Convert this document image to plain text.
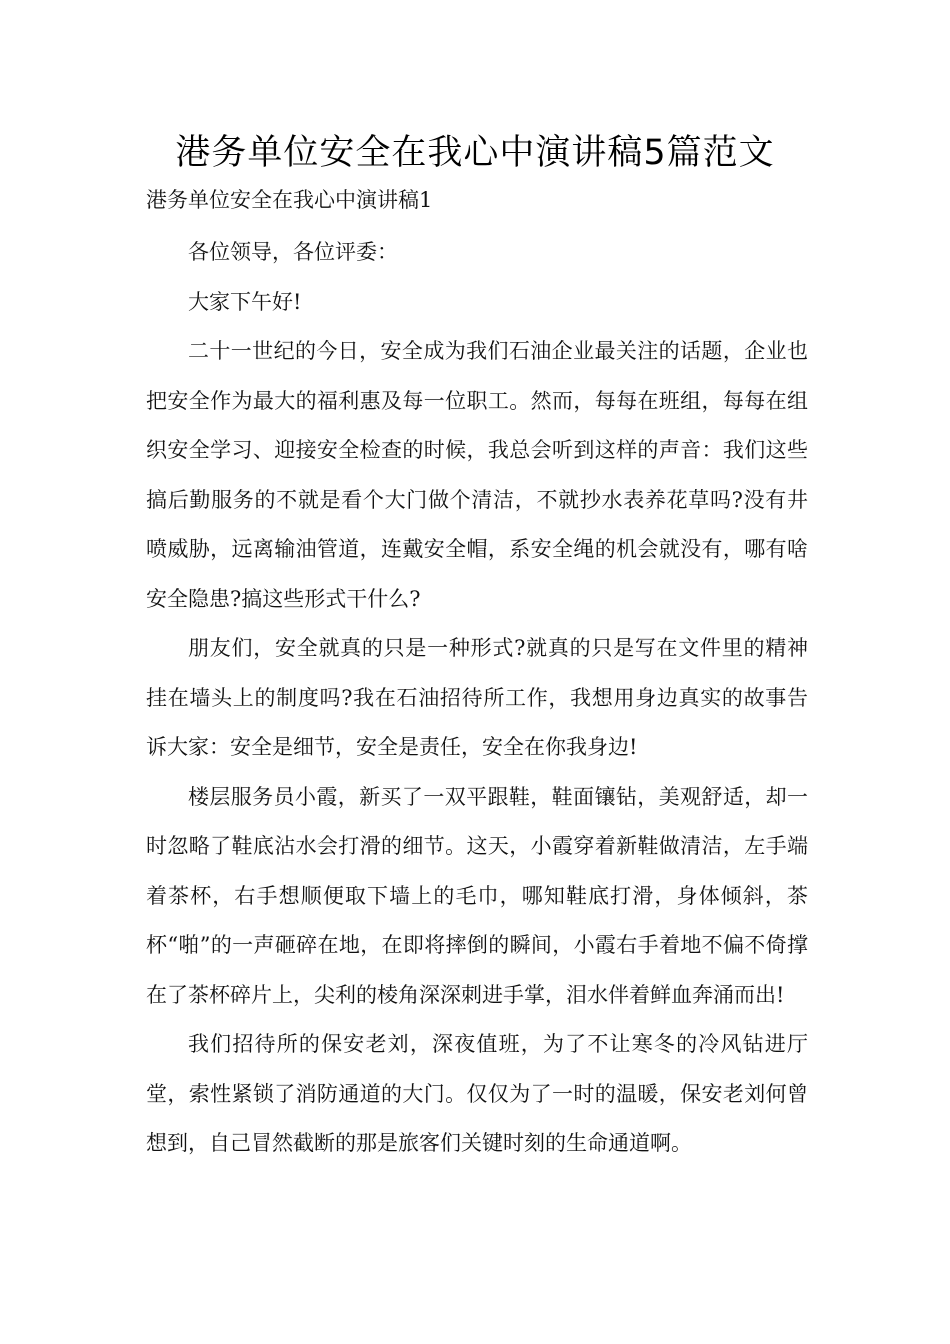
港务单位安全在我心中演讲稿5篇范文
港务单位安全在我心中演讲稿1

各位领导，各位评委：

大家下午好!

二十一世纪的今日，安全成为我们石油企业最关注的话题，企业也把安全作为最大的福利惠及每一位职工。然而，每每在班组，每每在组织安全学习、迎接安全检查的时候，我总会听到这样的声音：我们这些搞后勤服务的不就是看个大门做个清洁，不就抄水表养花草吗?没有井喷威胁，远离输油管道，连戴安全帽，系安全绳的机会就没有，哪有啥安全隐患?搞这些形式干什么?

朋友们，安全就真的只是一种形式?就真的只是写在文件里的精神挂在墙头上的制度吗?我在石油招待所工作，我想用身边真实的故事告诉大家：安全是细节，安全是责任，安全在你我身边!

楼层服务员小霞，新买了一双平跟鞋，鞋面镶钻，美观舒适，却一时忽略了鞋底沾水会打滑的细节。这天，小霞穿着新鞋做清洁，左手端着茶杯，右手想顺便取下墙上的毛巾，哪知鞋底打滑，身体倾斜，茶杯“啪”的一声砸碎在地，在即将摔倒的瞬间，小霞右手着地不偏不倚撑在了茶杯碎片上，尖利的棱角深深刺进手掌，泪水伴着鲜血奔涌而出!

我们招待所的保安老刘，深夜值班，为了不让寒冬的冷风钻进厅堂，索性紧锁了消防通道的大门。仅仅为了一时的温暖，保安老刘何曾想到，自己冒然截断的那是旅客们关键时刻的生命通道啊。
